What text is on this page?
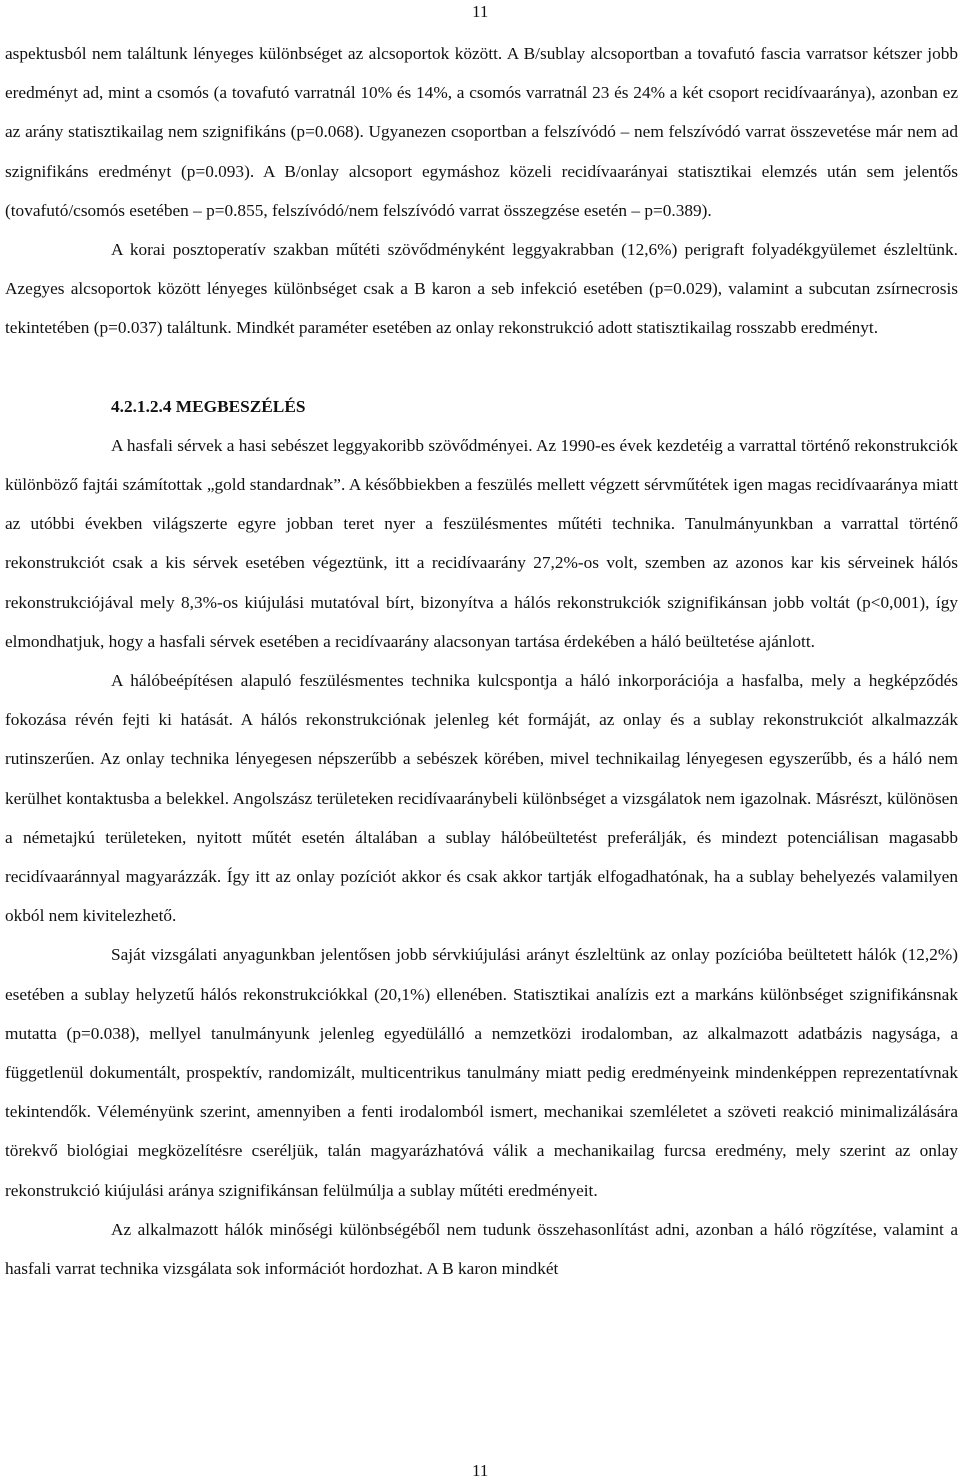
11

aspektusból nem találtunk lényeges különbséget az alcsoportok között. A B/sublay alcsoportban a tovafutó fascia varratsor kétszer jobb eredményt ad, mint a csomós (a tovafutó varratnál 10% és 14%, a csomós varratnál 23 és 24% a két csoport recidívaaránya), azonban ez az arány statisztikailag nem szignifikáns (p=0.068). Ugyanezen csoportban a felszívódó – nem felszívódó varrat összevetése már nem ad szignifikáns eredményt (p=0.093). A B/onlay alcsoport egymáshoz közeli recidívaarányai statisztikai elemzés után sem jelentős (tovafutó/csomós esetében – p=0.855, felszívódó/nem felszívódó varrat összegzése esetén – p=0.389).

A korai posztoperatív szakban műtéti szövődményként leggyakrabban (12,6%) perigraft folyadékgyülemet észleltünk. Azegyes alcsoportok között lényeges különbséget csak a B karon a seb infekció esetében (p=0.029), valamint a subcutan zsírnecrosis tekintetében (p=0.037) találtunk. Mindkét paraméter esetében az onlay rekonstrukció adott statisztikailag rosszabb eredményt.

4.2.1.2.4 MEGBESZÉLÉS

A hasfali sérvek a hasi sebészet leggyakoribb szövődményei. Az 1990-es évek kezdetéig a varrattal történő rekonstrukciók különböző fajtái számítottak „gold standardnak”. A későbbiekben a feszülés mellett végzett sérvműtétek igen magas recidívaaránya miatt az utóbbi években világszerte egyre jobban teret nyer a feszülésmentes műtéti technika. Tanulmányunkban a varrattal történő rekonstrukciót csak a kis sérvek esetében végeztünk, itt a recidívaarány 27,2%-os volt, szemben az azonos kar kis sérveinek hálós rekonstrukciójával mely 8,3%-os kiújulási mutatóval bírt, bizonyítva a hálós rekonstrukciók szignifikánsan jobb voltát (p<0,001), így elmondhatjuk, hogy a hasfali sérvek esetében a recidívaarány alacsonyan tartása érdekében a háló beültetése ajánlott.

A hálóbeépítésen alapuló feszülésmentes technika kulcspontja a háló inkorporációja a hasfalba, mely a hegképződés fokozása révén fejti ki hatását. A hálós rekonstrukciónak jelenleg két formáját, az onlay és a sublay rekonstrukciót alkalmazzák rutinszerűen. Az onlay technika lényegesen népszerűbb a sebészek körében, mivel technikailag lényegesen egyszerűbb, és a háló nem kerülhet kontaktusba a belekkel. Angolszász területeken recidívaaránybeli különbséget a vizsgálatok nem igazolnak. Másrészt, különösen a németajkú területeken, nyitott műtét esetén általában a sublay hálóbeültetést preferálják, és mindezt potenciálisan magasabb recidívaaránnyal magyarázzák. Így itt az onlay pozíciót akkor és csak akkor tartják elfogadhatónak, ha a sublay behelyezés valamilyen okból nem kivitelezhető.

Saját vizsgálati anyagunkban jelentősen jobb sérvkiújulási arányt észleltünk az onlay pozícióba beültetett hálók (12,2%) esetében a sublay helyzetű hálós rekonstrukciókkal (20,1%) ellenében. Statisztikai analízis ezt a markáns különbséget szignifikánsnak mutatta (p=0.038), mellyel tanulmányunk jelenleg egyedülálló a nemzetközi irodalomban, az alkalmazott adatbázis nagysága, a függetlenül dokumentált, prospektív, randomizált, multicentrikus tanulmány miatt pedig eredményeink mindenképpen reprezentatívnak tekintendők. Véleményünk szerint, amennyiben a fenti irodalomból ismert, mechanikai szemléletet a szöveti reakció minimalizálására törekvő biológiai megközelítésre cseréljük, talán magyarázhatóvá válik a mechanikailag furcsa eredmény, mely szerint az onlay rekonstrukció kiújulási aránya szignifikánsan felülmúlja a sublay műtéti eredményeit.

Az alkalmazott hálók minőségi különbségéből nem tudunk összehasonlítást adni, azonban a háló rögzítése, valamint a hasfali varrat technika vizsgálata sok információt hordozhat. A B karon mindkét

11
